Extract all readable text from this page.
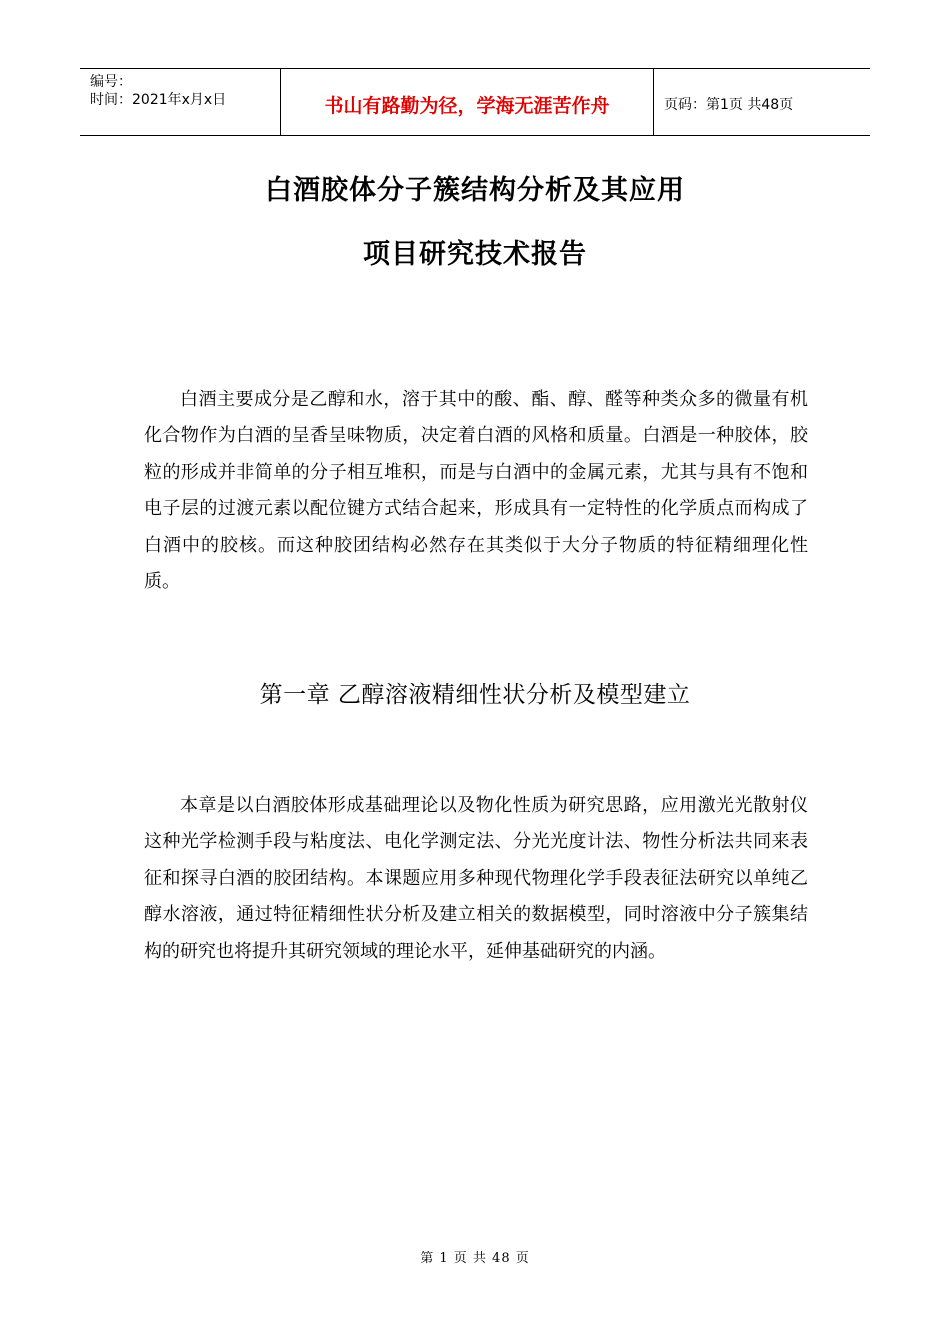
编号：
时间：2021年x月x日	书山有路勤为径，学海无涯苦作舟	页码：第1页 共48页
白酒胶体分子簇结构分析及其应用
项目研究技术报告

白酒主要成分是乙醇和水，溶于其中的酸、酯、醇、醛等种类众多的微量有机化合物作为白酒的呈香呈味物质，决定着白酒的风格和质量。白酒是一种胶体，胶粒的形成并非简单的分子相互堆积，而是与白酒中的金属元素，尤其与具有不饱和电子层的过渡元素以配位键方式结合起来，形成具有一定特性的化学质点而构成了白酒中的胶核。而这种胶团结构必然存在其类似于大分子物质的特征精细理化性质。

第一章 乙醇溶液精细性状分析及模型建立

本章是以白酒胶体形成基础理论以及物化性质为研究思路，应用激光光散射仪这种光学检测手段与粘度法、电化学测定法、分光光度计法、物性分析法共同来表征和探寻白酒的胶团结构。本课题应用多种现代物理化学手段表征法研究以单纯乙醇水溶液，通过特征精细性状分析及建立相关的数据模型，同时溶液中分子簇集结构的研究也将提升其研究领域的理论水平，延伸基础研究的内涵。

第 1 页 共 48 页
